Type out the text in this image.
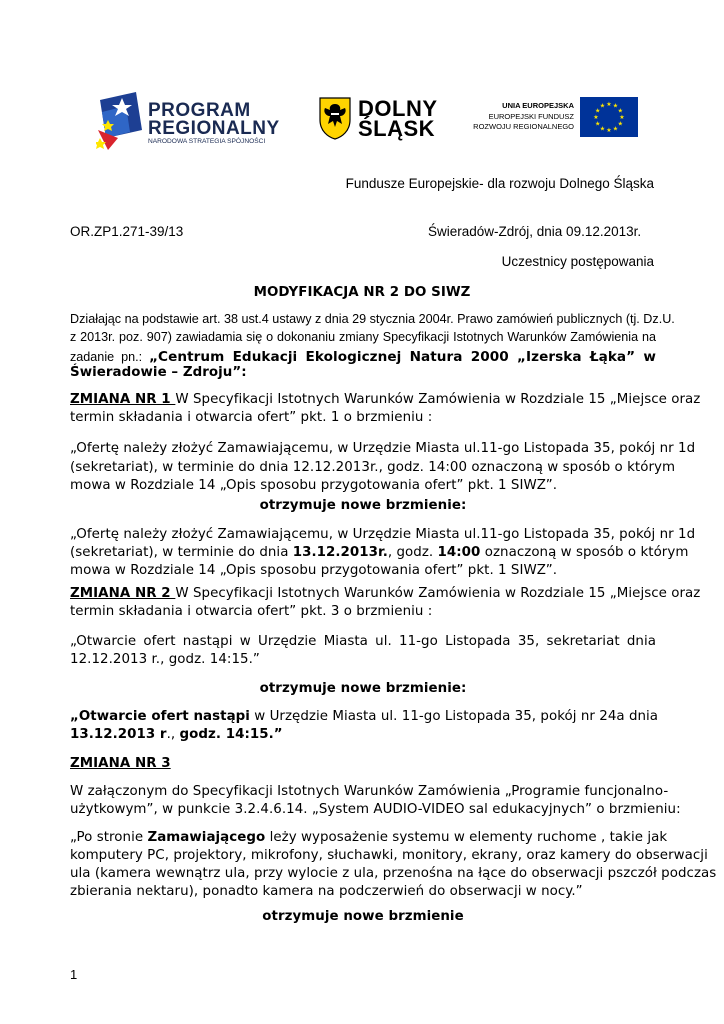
PROGRAM
REGIONALNY
NARODOWA STRATEGIA SPÓJNOŚCI
DOLNY
ŚLĄSK
UNIA EUROPEJSKA
EUROPEJSKI FUNDUSZ
ROZWOJU REGIONALNEGO
★ ★
★
★
★
★
★
★
★
★
★
★
Fundusze Europejskie- dla rozwoju Dolnego Śląska
OR.ZP1.271-39/13	Świeradów-Zdrój, dnia 09.12.2013r.
Uczestnicy postępowania
MODYFIKACJA NR 2 DO SIWZ
Działając na podstawie art. 38 ust.4 ustawy z dnia 29 stycznia 2004r. Prawo zamówień publicznych (tj. Dz.U.
z 2013r. poz. 907) zawiadamia się o dokonaniu zmiany Specyfikacji Istotnych Warunków Zamówienia na
zadanie pn.: „Centrum Edukacji Ekologicznej Natura 2000 „Izerska Łąka” w
Świeradowie – Zdroju”:
ZMIANA NR 1 W Specyfikacji Istotnych Warunków Zamówienia w Rozdziale 15 „Miejsce oraz
termin składania i otwarcia ofert” pkt. 1 o brzmieniu :
„Ofertę należy złożyć Zamawiającemu, w Urzędzie Miasta ul.11-go Listopada 35, pokój nr 1d
(sekretariat), w terminie do dnia 12.12.2013r., godz. 14:00 oznaczoną w sposób o którym
mowa w Rozdziale 14 „Opis sposobu przygotowania ofert” pkt. 1 SIWZ”.
otrzymuje nowe brzmienie:
„Ofertę należy złożyć Zamawiającemu, w Urzędzie Miasta ul.11-go Listopada 35, pokój nr 1d
(sekretariat), w terminie do dnia 13.12.2013r., godz. 14:00 oznaczoną w sposób o którym
mowa w Rozdziale 14 „Opis sposobu przygotowania ofert” pkt. 1 SIWZ”.
ZMIANA NR 2 W Specyfikacji Istotnych Warunków Zamówienia w Rozdziale 15 „Miejsce oraz
termin składania i otwarcia ofert” pkt. 3 o brzmieniu :
„Otwarcie ofert nastąpi w Urzędzie Miasta ul. 11-go Listopada 35, sekretariat dnia
12.12.2013 r., godz. 14:15.”
otrzymuje nowe brzmienie:
„Otwarcie ofert nastąpi w Urzędzie Miasta ul. 11-go Listopada 35, pokój nr 24a dnia
13.12.2013 r., godz. 14:15.”
ZMIANA NR 3
W załączonym do Specyfikacji Istotnych Warunków Zamówienia „Programie funcjonalno-
użytkowym”, w punkcie 3.2.4.6.14. „System AUDIO-VIDEO sal edukacyjnych” o brzmieniu:
„Po stronie Zamawiającego leży wyposażenie systemu w elementy ruchome , takie jak
komputery PC, projektory, mikrofony, słuchawki, monitory, ekrany, oraz kamery do obserwacji
ula (kamera wewnątrz ula, przy wylocie z ula, przenośna na łące do obserwacji pszczół podczas
zbierania nektaru), ponadto kamera na podczerwień do obserwacji w nocy.”
otrzymuje nowe brzmienie
1
